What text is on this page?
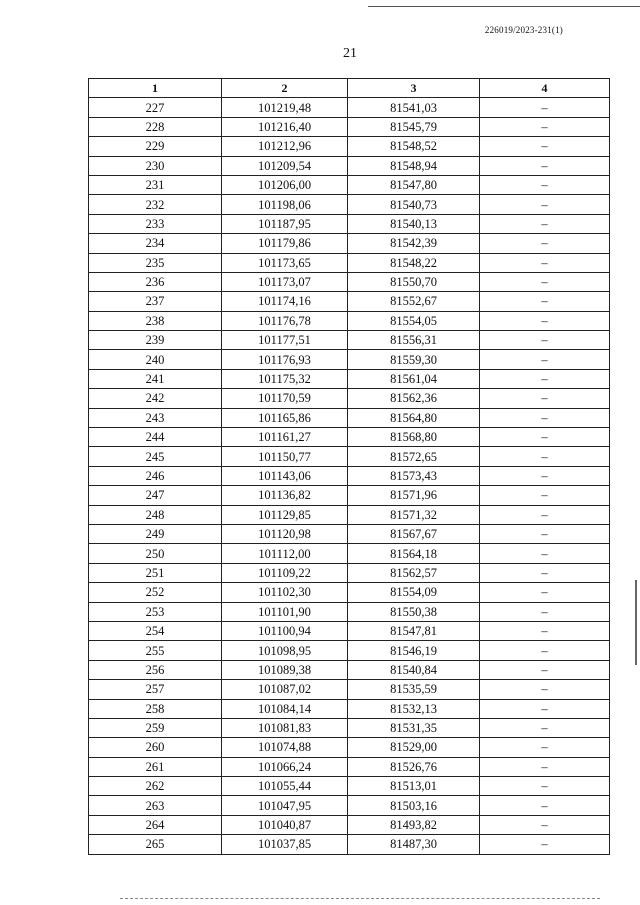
226019/2023-231(1)
21
1	2	3	4
227	101219,48	81541,03	–
228	101216,40	81545,79	–
229	101212,96	81548,52	–
230	101209,54	81548,94	–
231	101206,00	81547,80	–
232	101198,06	81540,73	–
233	101187,95	81540,13	–
234	101179,86	81542,39	–
235	101173,65	81548,22	–
236	101173,07	81550,70	–
237	101174,16	81552,67	–
238	101176,78	81554,05	–
239	101177,51	81556,31	–
240	101176,93	81559,30	–
241	101175,32	81561,04	–
242	101170,59	81562,36	–
243	101165,86	81564,80	–
244	101161,27	81568,80	–
245	101150,77	81572,65	–
246	101143,06	81573,43	–
247	101136,82	81571,96	–
248	101129,85	81571,32	–
249	101120,98	81567,67	–
250	101112,00	81564,18	–
251	101109,22	81562,57	–
252	101102,30	81554,09	–
253	101101,90	81550,38	–
254	101100,94	81547,81	–
255	101098,95	81546,19	–
256	101089,38	81540,84	–
257	101087,02	81535,59	–
258	101084,14	81532,13	–
259	101081,83	81531,35	–
260	101074,88	81529,00	–
261	101066,24	81526,76	–
262	101055,44	81513,01	–
263	101047,95	81503,16	–
264	101040,87	81493,82	–
265	101037,85	81487,30	–
